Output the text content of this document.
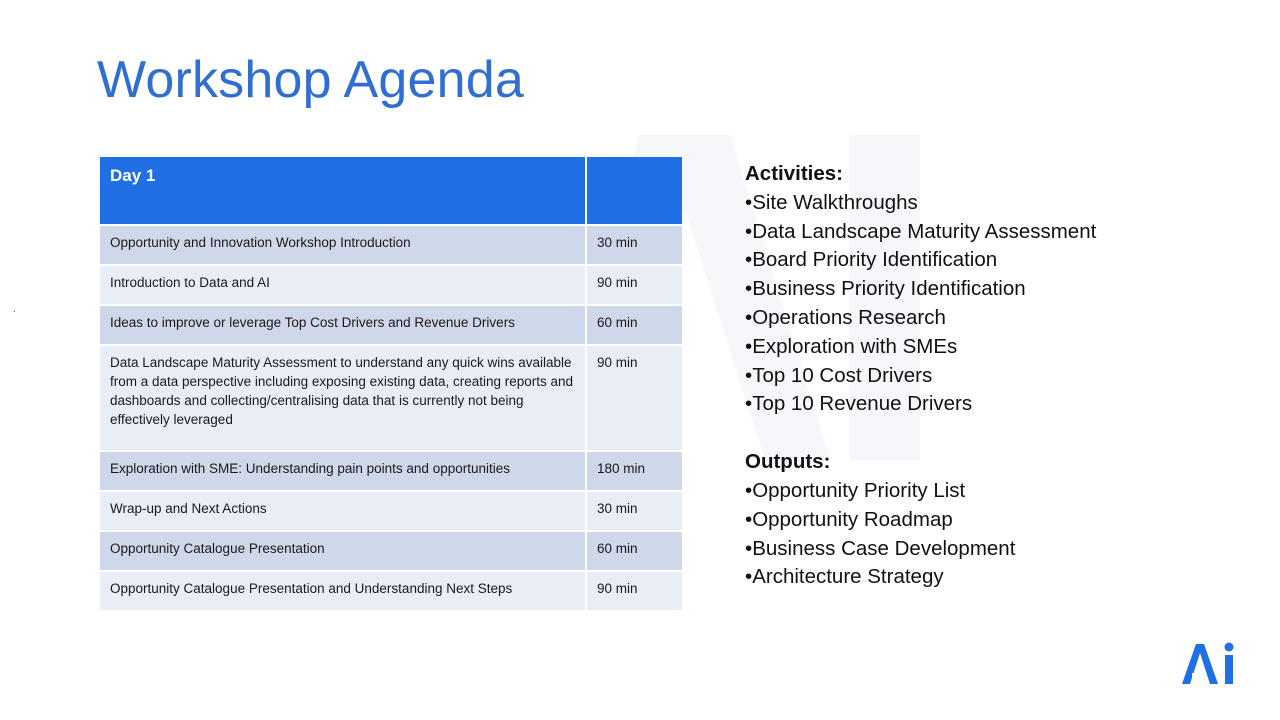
Workshop Agenda
.
Day 1	
Opportunity and Innovation Workshop Introduction	30 min
Introduction to Data and AI	90 min
Ideas to improve or leverage Top Cost Drivers and Revenue Drivers	60 min
Data Landscape Maturity Assessment to understand any quick wins available from a data perspective including exposing existing data, creating reports and dashboards and collecting/centralising data that is currently not being effectively leveraged	90 min
Exploration with SME: Understanding pain points and opportunities	180 min
Wrap-up and Next Actions	30 min
Opportunity Catalogue Presentation	60 min
Opportunity Catalogue Presentation and Understanding Next Steps	90 min
Activities:
• Site Walkthroughs
• Data Landscape Maturity Assessment
• Board Priority Identification
• Business Priority Identification
• Operations Research
• Exploration with SMEs
• Top 10 Cost Drivers
• Top 10 Revenue Drivers
Outputs:
• Opportunity Priority List
• Opportunity Roadmap
• Business Case Development
• Architecture Strategy
